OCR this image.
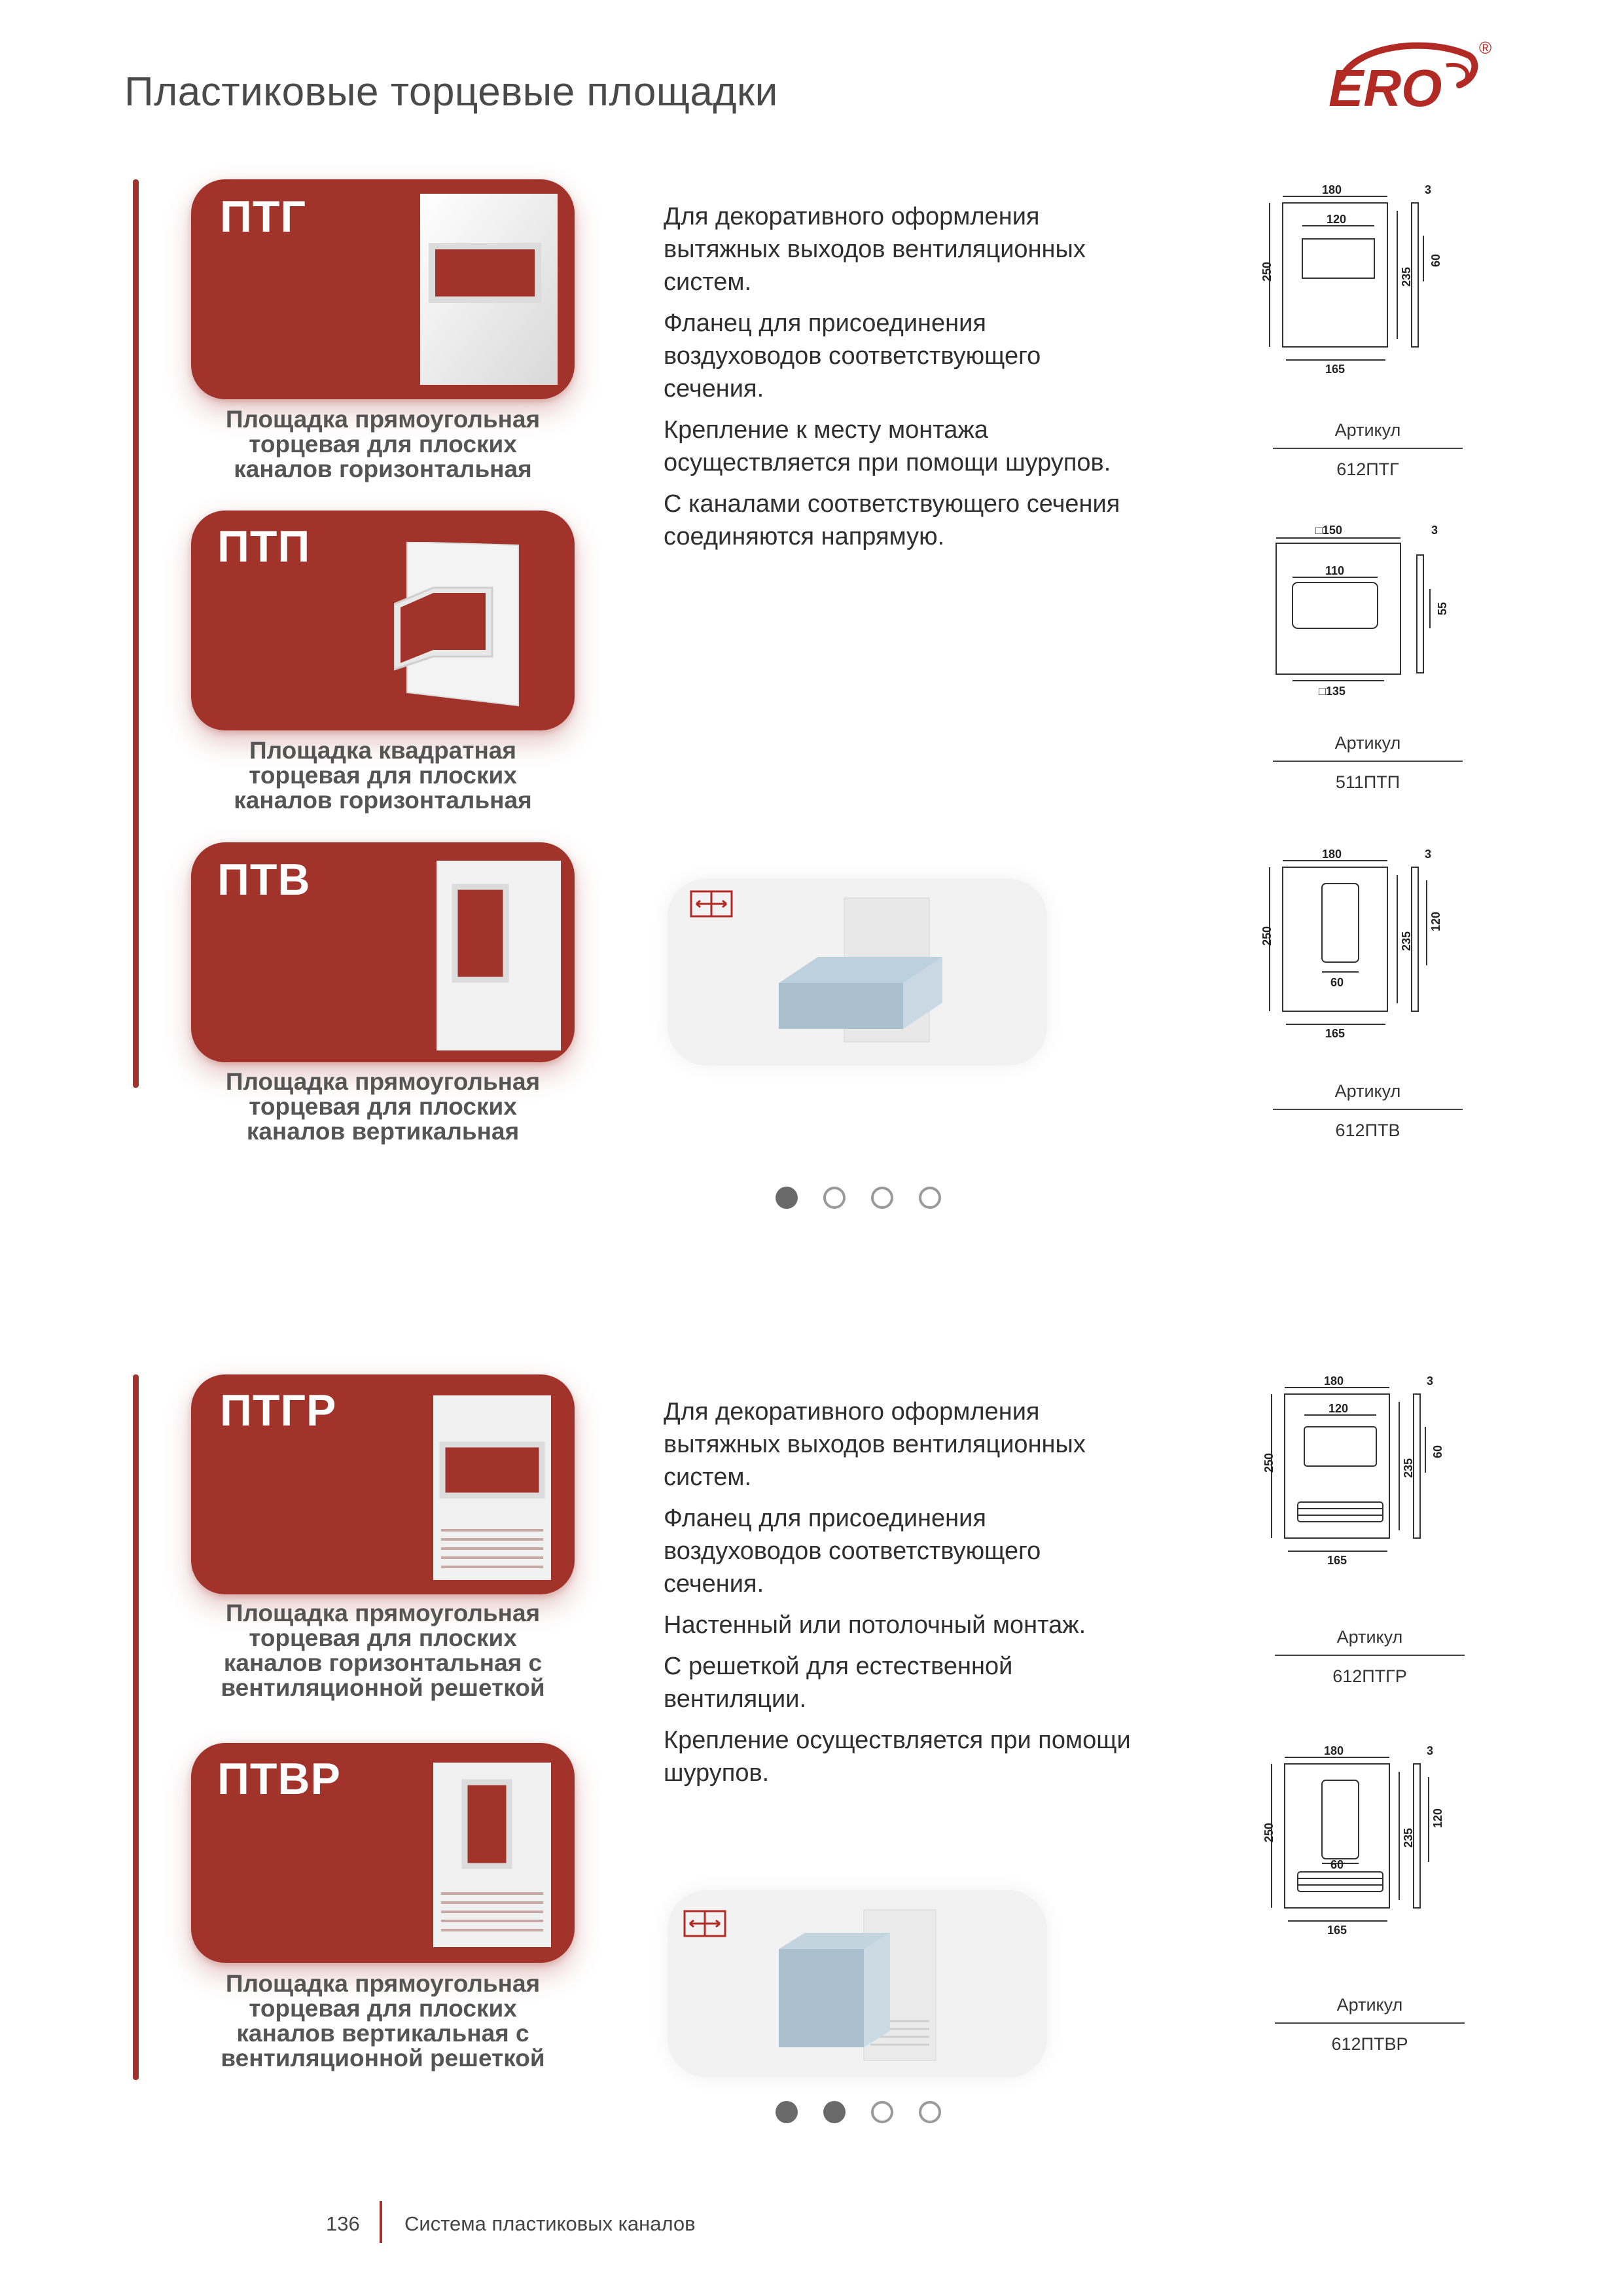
Пластиковые торцевые площадки	ERO
®
ПТГ
Площадка прямоугольная
торцевая для плоских
каналов горизонтальная
ПТП
Площадка квадратная
торцевая для плоских
каналов горизонтальная
ПТВ
Площадка прямоугольная
торцевая для плоских
каналов вертикальная

Для декоративного оформления вытяжных выходов вентиляционных систем.

Фланец для присоединения воздуховодов соответствующего сечения.

Крепление к месту монтажа осуществляется при помощи шурупов.

С каналами соответствующего сечения соединяются напрямую.

180
120
250	235
165
3
60
Артикул
612ПТГ
□150
110
□135
3
55
Артикул
511ПТП
180
60
250	235
165
3
120
Артикул
612ПТВ
ПТГР
Площадка прямоугольная
торцевая для плоских
каналов горизонтальная с
вентиляционной решеткой
ПТВР
Площадка прямоугольная
торцевая для плоских
каналов вертикальная с
вентиляционной решеткой

Для декоративного оформления вытяжных выходов вентиляционных систем.

Фланец для присоединения воздуховодов соответствующего сечения.

Настенный или потолочный монтаж.

С решеткой для естественной вентиляции.

Крепление осуществляется при помощи шурупов.

180
120
250	235
165
3
60
Артикул
612ПТГР
180
60
250	235
165
3
120
Артикул
612ПТВР
136 Система пластиковых каналов
